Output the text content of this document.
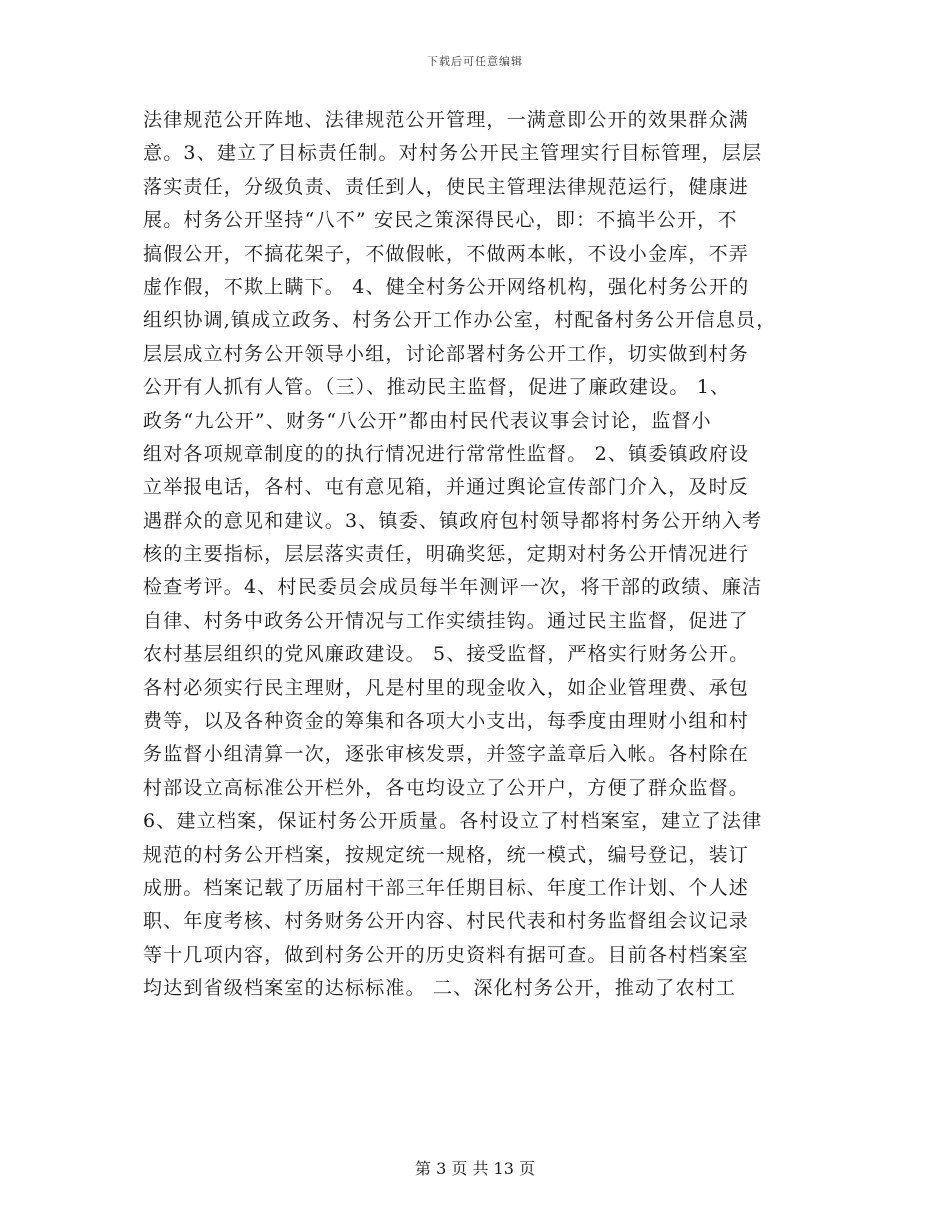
下载后可任意编辑
法律规范公开阵地、法律规范公开管理，一满意即公开的效果群众满
意。3、建立了目标责任制。对村务公开民主管理实行目标管理，层层
落实责任，分级负责、责任到人，使民主管理法律规范运行，健康进
展。村务公开坚持“八不” 安民之策深得民心，即：不搞半公开，不
搞假公开，不搞花架子，不做假帐，不做两本帐，不设小金库，不弄
虚作假，不欺上瞒下。 4、健全村务公开网络机构，强化村务公开的
组织协调,镇成立政务、村务公开工作办公室，村配备村务公开信息员，
层层成立村务公开领导小组，讨论部署村务公开工作，切实做到村务
公开有人抓有人管。（三）、推动民主监督，促进了廉政建设。 1、
政务“九公开”、财务“八公开”都由村民代表议事会讨论，监督小
组对各项规章制度的的执行情况进行常常性监督。 2、镇委镇政府设
立举报电话，各村、屯有意见箱，并通过舆论宣传部门介入，及时反
遇群众的意见和建议。3、镇委、镇政府包村领导都将村务公开纳入考
核的主要指标，层层落实责任，明确奖惩，定期对村务公开情况进行
检查考评。4、村民委员会成员每半年测评一次，将干部的政绩、廉洁
自律、村务中政务公开情况与工作实绩挂钩。通过民主监督，促进了
农村基层组织的党风廉政建设。 5、接受监督，严格实行财务公开。
各村必须实行民主理财，凡是村里的现金收入，如企业管理费、承包
费等，以及各种资金的筹集和各项大小支出，每季度由理财小组和村
务监督小组清算一次，逐张审核发票，并签字盖章后入帐。各村除在
村部设立高标准公开栏外，各屯均设立了公开户，方便了群众监督。
6、建立档案，保证村务公开质量。各村设立了村档案室，建立了法律
规范的村务公开档案，按规定统一规格，统一模式，编号登记，装订
成册。档案记载了历届村干部三年任期目标、年度工作计划、个人述
职、年度考核、村务财务公开内容、村民代表和村务监督组会议记录
等十几项内容，做到村务公开的历史资料有据可查。目前各村档案室
均达到省级档案室的达标标准。 二、深化村务公开，推动了农村工
第 3 页 共 13 页
